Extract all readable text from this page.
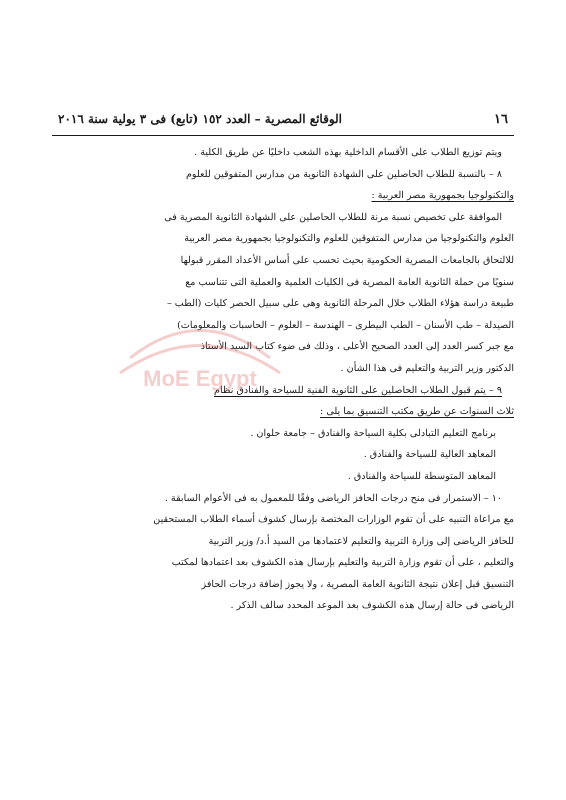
١٦
الوقائع المصرية – العدد ١٥٢ (تابع) فى ٣ يولية سنة ٢٠١٦

ويتم توزيع الطلاب على الأقسام الداخلية بهذه الشعب داخليًا عن طريق الكلية .

٨ – بالنسبة للطلاب الحاصلين على الشهادة الثانوية من مدارس المتفوقين للعلوم

والتكنولوجيا بجمهورية مصر العربية :

الموافقة على تخصيص نسبة مرنة للطلاب الحاصلين على الشهادة الثانوية المصرية فى

العلوم والتكنولوجيا من مدارس المتفوقين للعلوم والتكنولوجيا بجمهورية مصر العربية

للالتحاق بالجامعات المصرية الحكومية بحيث تحسب على أساس الأعداد المقرر قبولها

سنويًا من حملة الثانوية العامة المصرية فى الكليات العلمية والعملية التى تتناسب مع

طبيعة دراسة هؤلاء الطلاب خلال المرحلة الثانوية وهى على سبيل الحصر كليات (الطب –

الصيدلة – طب الأسنان – الطب البيطرى – الهندسة – العلوم – الحاسبات والمعلومات)

مع جبر كسر العدد إلى العدد الصحيح الأعلى ، وذلك فى ضوء كتاب السيد الأستاذ

الدكتور وزير التربية والتعليم فى هذا الشأن .

٩ – يتم قبول الطلاب الحاصلين على الثانوية الفنية للسياحة والفنادق نظام

ثلاث السنوات عن طريق مكتب التنسيق بما يلى :

برنامج التعليم التبادلى بكلية السياحة والفنادق – جامعة حلوان .

المعاهد العالية للسياحة والفنادق .

المعاهد المتوسطة للسياحة والفنادق .

١٠ – الاستمرار فى منح درجات الحافز الرياضى وفقًا للمعمول به فى الأعوام السابقة .

مع مراعاة التنبيه على أن تقوم الوزارات المختصة بإرسال كشوف أسماء الطلاب المستحقين

للحافز الرياضى إلى وزارة التربية والتعليم لاعتمادها من السيد أ.د/ وزير التربية

والتعليم ، على أن تقوم وزارة التربية والتعليم بإرسال هذه الكشوف بعد اعتمادها لمكتب

التنسيق قبل إعلان نتيجة الثانوية العامة المصرية ، ولا يجوز إضافة درجات الحافز

الرياضى فى حالة إرسال هذه الكشوف بعد الموعد المحدد سالف الذكر .

MoE Egypt
